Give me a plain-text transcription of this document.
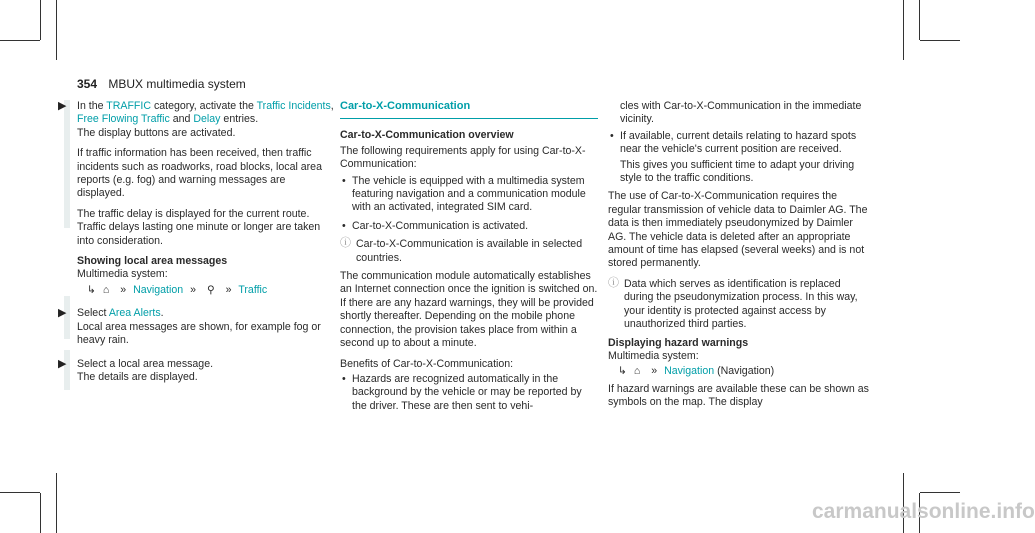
354 MBUX multimedia system
▶ In the TRAFFIC category, activate the Traffic Incidents, Free Flowing Traffic and Delay entries.
The display buttons are activated.
If traffic information has been received, then traffic incidents such as roadworks, road blocks, local area reports (e.g. fog) and warning messages are displayed.
The traffic delay is displayed for the current route. Traffic delays lasting one minute or longer are taken into consideration.
Showing local area messages
Multimedia system:
↳ ⌂ » Navigation » ⚲ » Traffic
▶ Select Area Alerts.
Local area messages are shown, for example fog or heavy rain.
▶ Select a local area message.
The details are displayed.
Car-to-X-Communication
Car-to-X-Communication overview
The following requirements apply for using Car-to-X-Communication:
• The vehicle is equipped with a multimedia system featuring navigation and a communication module with an activated, integrated SIM card.
• Car-to-X-Communication is activated.
ⓘ Car-to-X-Communication is available in selected countries.
The communication module automatically establishes an Internet connection once the ignition is switched on. If there are any hazard warnings, they will be provided shortly thereafter. Depending on the mobile phone connection, the provision takes place from within a second up to about a minute.
Benefits of Car-to-X-Communication:
• Hazards are recognized automatically in the background by the vehicle or may be reported by the driver. These are then sent to vehi-
cles with Car-to-X-Communication in the immediate vicinity.
• If available, current details relating to hazard spots near the vehicle's current position are received.
This gives you sufficient time to adapt your driving style to the traffic conditions.
The use of Car-to-X-Communication requires the regular transmission of vehicle data to Daimler AG. The data is then immediately pseudonymized by Daimler AG. The vehicle data is deleted after an appropriate amount of time has elapsed (several weeks) and is not stored permanently.
ⓘ Data which serves as identification is replaced during the pseudonymization process. In this way, your identity is protected against access by unauthorized third parties.
Displaying hazard warnings
Multimedia system:
↳ ⌂ » Navigation (Navigation)
If hazard warnings are available these can be shown as symbols on the map. The display
carmanualsonline.info
